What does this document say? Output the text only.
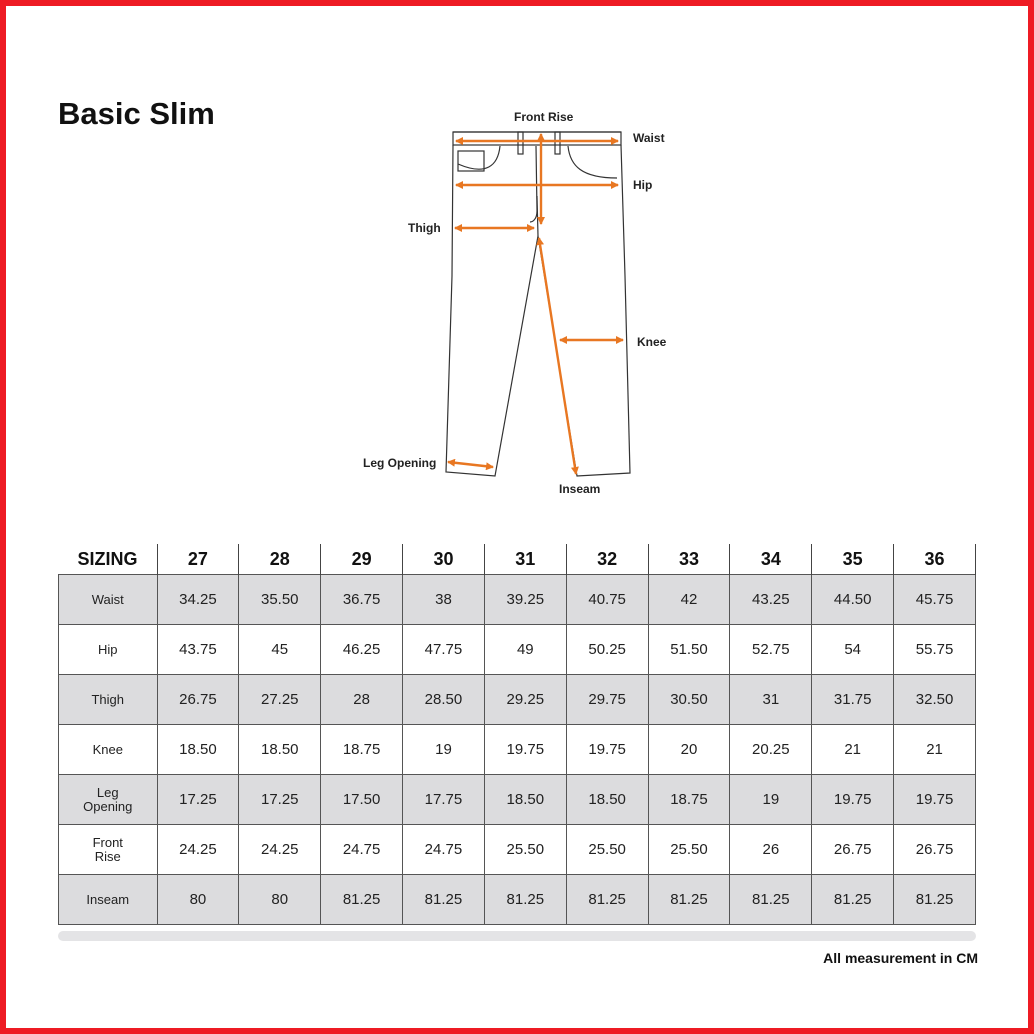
Basic Slim	Front Rise
Waist
Hip
Thigh
Knee
Leg Opening
Inseam
SIZING	27	28	29	30	31	32	33	34	35	36
Waist	34.25	35.50	36.75	38	39.25	40.75	42	43.25	44.50	45.75
Hip	43.75	45	46.25	47.75	49	50.25	51.50	52.75	54	55.75
Thigh	26.75	27.25	28	28.50	29.25	29.75	30.50	31	31.75	32.50
Knee	18.50	18.50	18.75	19	19.75	19.75	20	20.25	21	21
Leg
Opening	17.25	17.25	17.50	17.75	18.50	18.50	18.75	19	19.75	19.75
Front
Rise	24.25	24.25	24.75	24.75	25.50	25.50	25.50	26	26.75	26.75
Inseam	80	80	81.25	81.25	81.25	81.25	81.25	81.25	81.25	81.25
All measurement in CM
